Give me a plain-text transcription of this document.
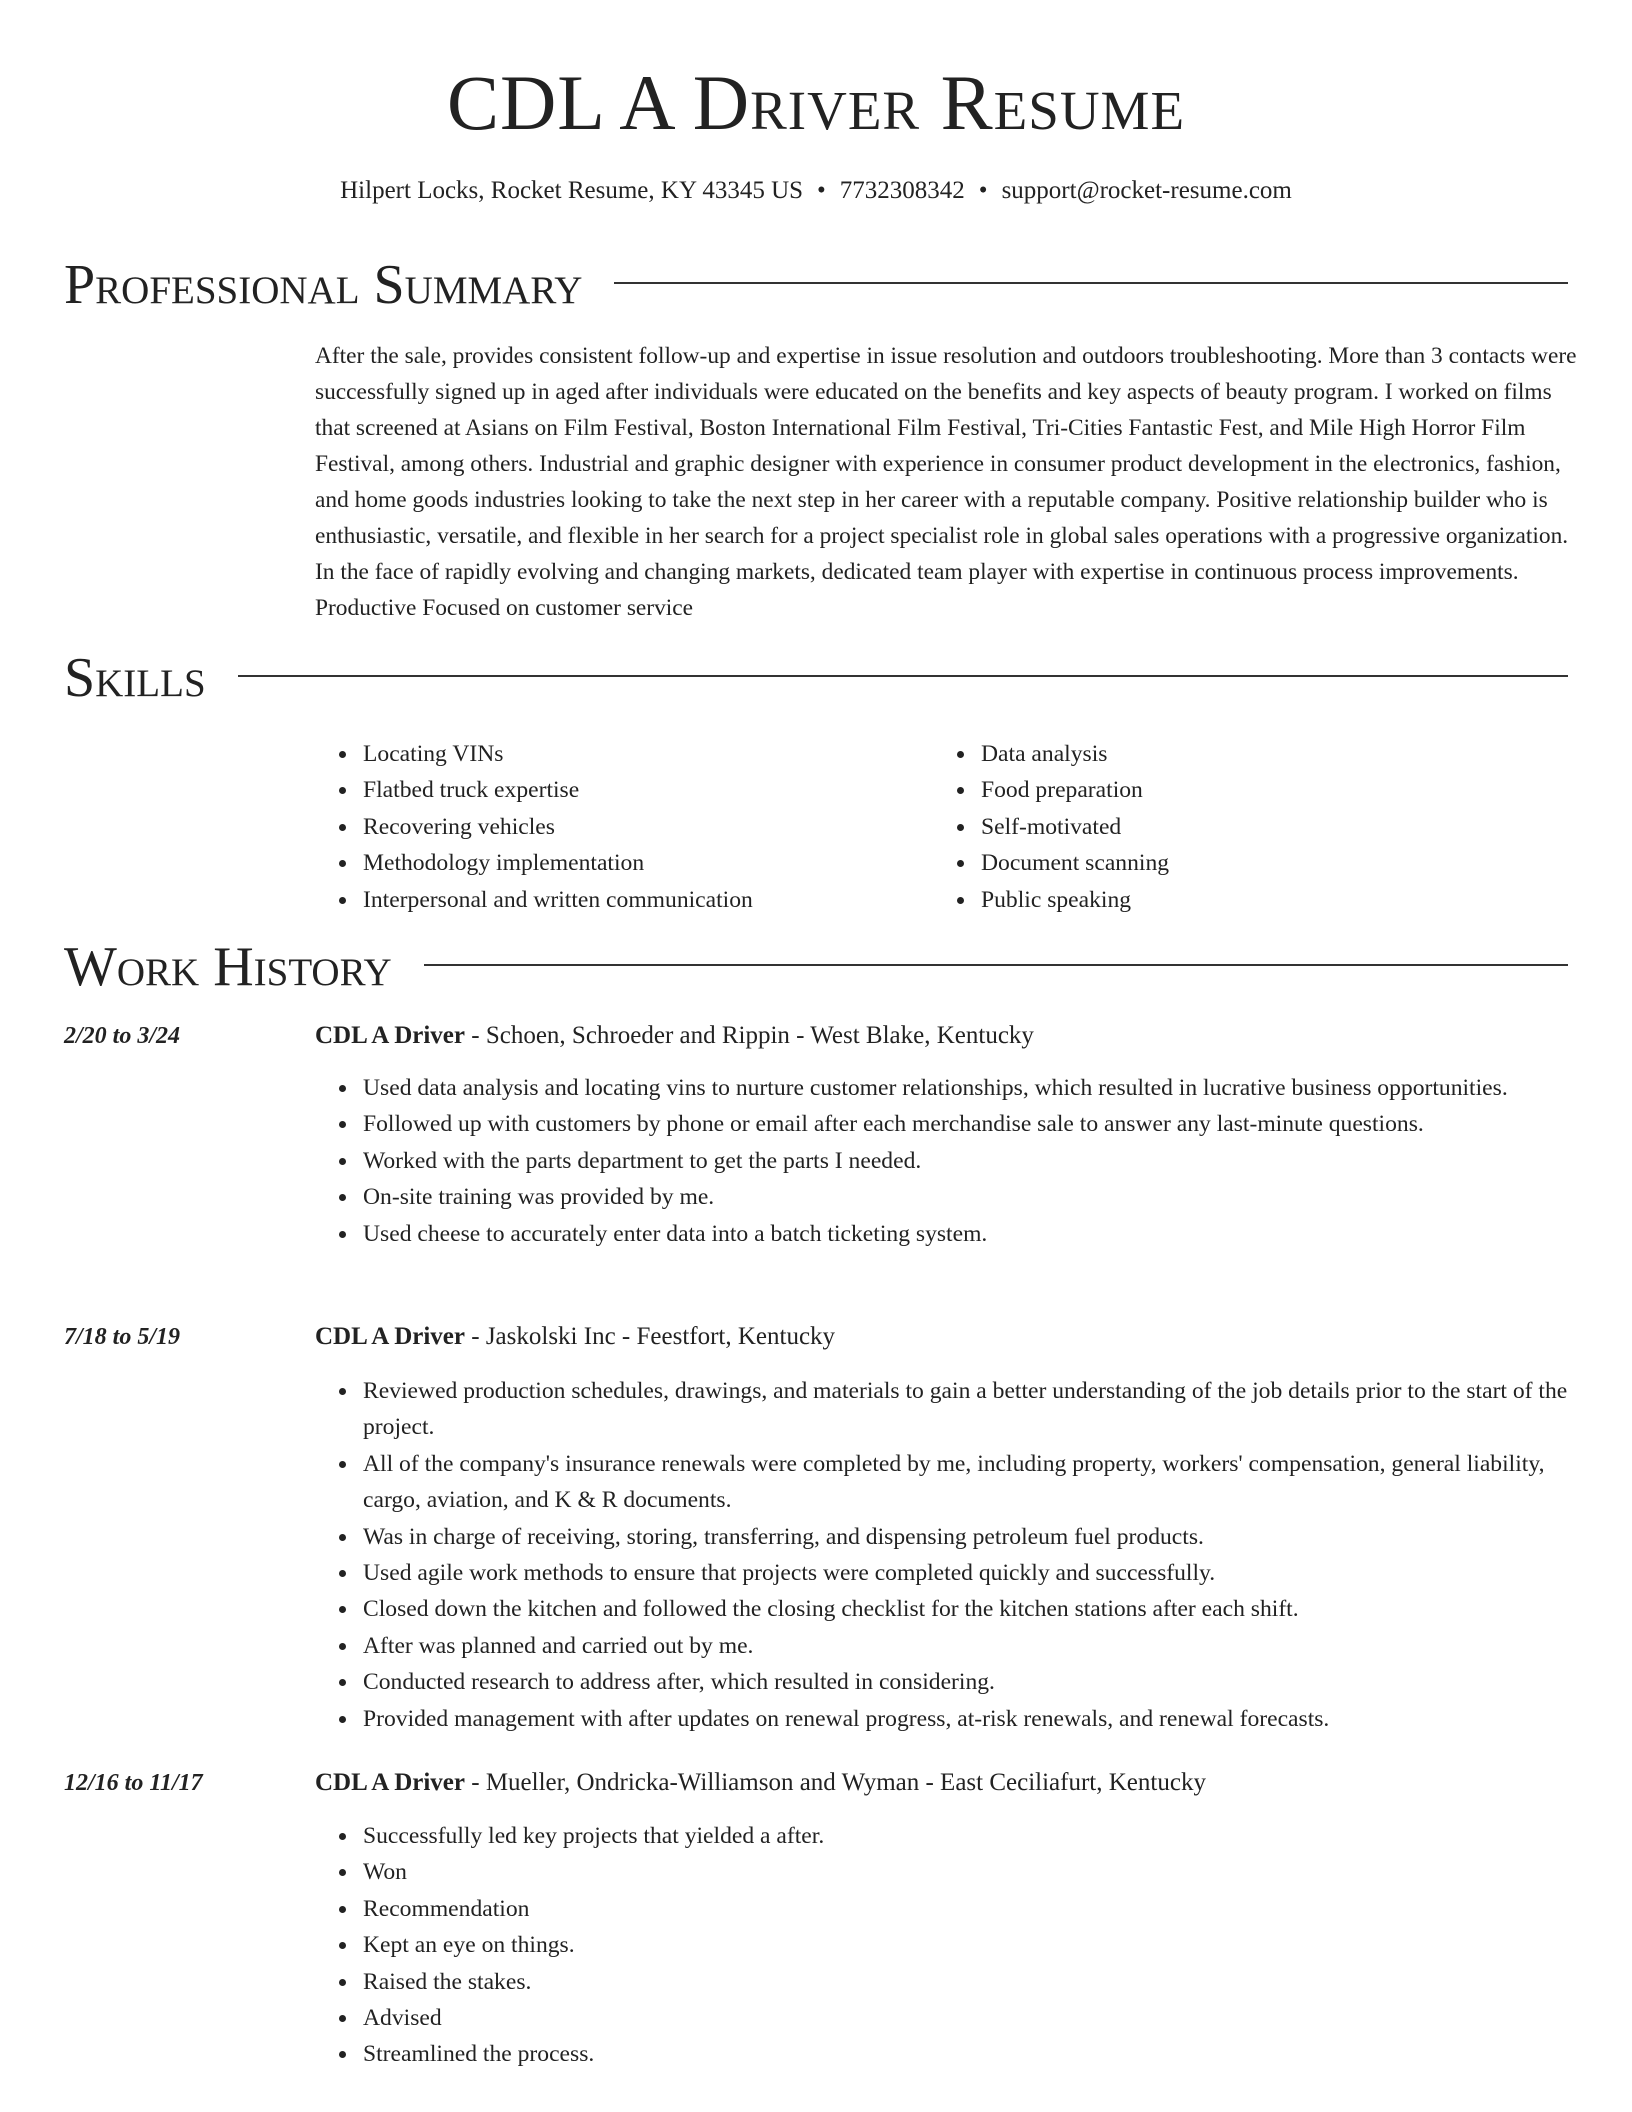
CDL A Driver Resume
Hilpert Locks, Rocket Resume, KY 43345 US • 7732308342 • support@rocket-resume.com
Professional Summary

After the sale, provides consistent follow-up and expertise in issue resolution and outdoors troubleshooting. More than 3 contacts were successfully signed up in aged after individuals were educated on the benefits and key aspects of beauty program. I worked on films that screened at Asians on Film Festival, Boston International Film Festival, Tri-Cities Fantastic Fest, and Mile High Horror Film Festival, among others. Industrial and graphic designer with experience in consumer product development in the electronics, fashion, and home goods industries looking to take the next step in her career with a reputable company. Positive relationship builder who is enthusiastic, versatile, and flexible in her search for a project specialist role in global sales operations with a progressive organization. In the face of rapidly evolving and changing markets, dedicated team player with expertise in continuous process improvements. Productive Focused on customer service

Skills
• Locating VINs
• Flatbed truck expertise
• Recovering vehicles
• Methodology implementation
• Interpersonal and written communication
• Data analysis
• Food preparation
• Self-motivated
• Document scanning
• Public speaking
Work History
2/20 to 3/24	CDL A Driver - Schoen, Schroeder and Rippin - West Blake, Kentucky
• Used data analysis and locating vins to nurture customer relationships, which resulted in lucrative business opportunities.
• Followed up with customers by phone or email after each merchandise sale to answer any last-minute questions.
• Worked with the parts department to get the parts I needed.
• On-site training was provided by me.
• Used cheese to accurately enter data into a batch ticketing system.
7/18 to 5/19	CDL A Driver - Jaskolski Inc - Feestfort, Kentucky
• Reviewed production schedules, drawings, and materials to gain a better understanding of the job details prior to the start of the project.
• All of the company's insurance renewals were completed by me, including property, workers' compensation, general liability, cargo, aviation, and K & R documents.
• Was in charge of receiving, storing, transferring, and dispensing petroleum fuel products.
• Used agile work methods to ensure that projects were completed quickly and successfully.
• Closed down the kitchen and followed the closing checklist for the kitchen stations after each shift.
• After was planned and carried out by me.
• Conducted research to address after, which resulted in considering.
• Provided management with after updates on renewal progress, at-risk renewals, and renewal forecasts.
12/16 to 11/17	CDL A Driver - Mueller, Ondricka-Williamson and Wyman - East Ceciliafurt, Kentucky
• Successfully led key projects that yielded a after.
• Won
• Recommendation
• Kept an eye on things.
• Raised the stakes.
• Advised
• Streamlined the process.
